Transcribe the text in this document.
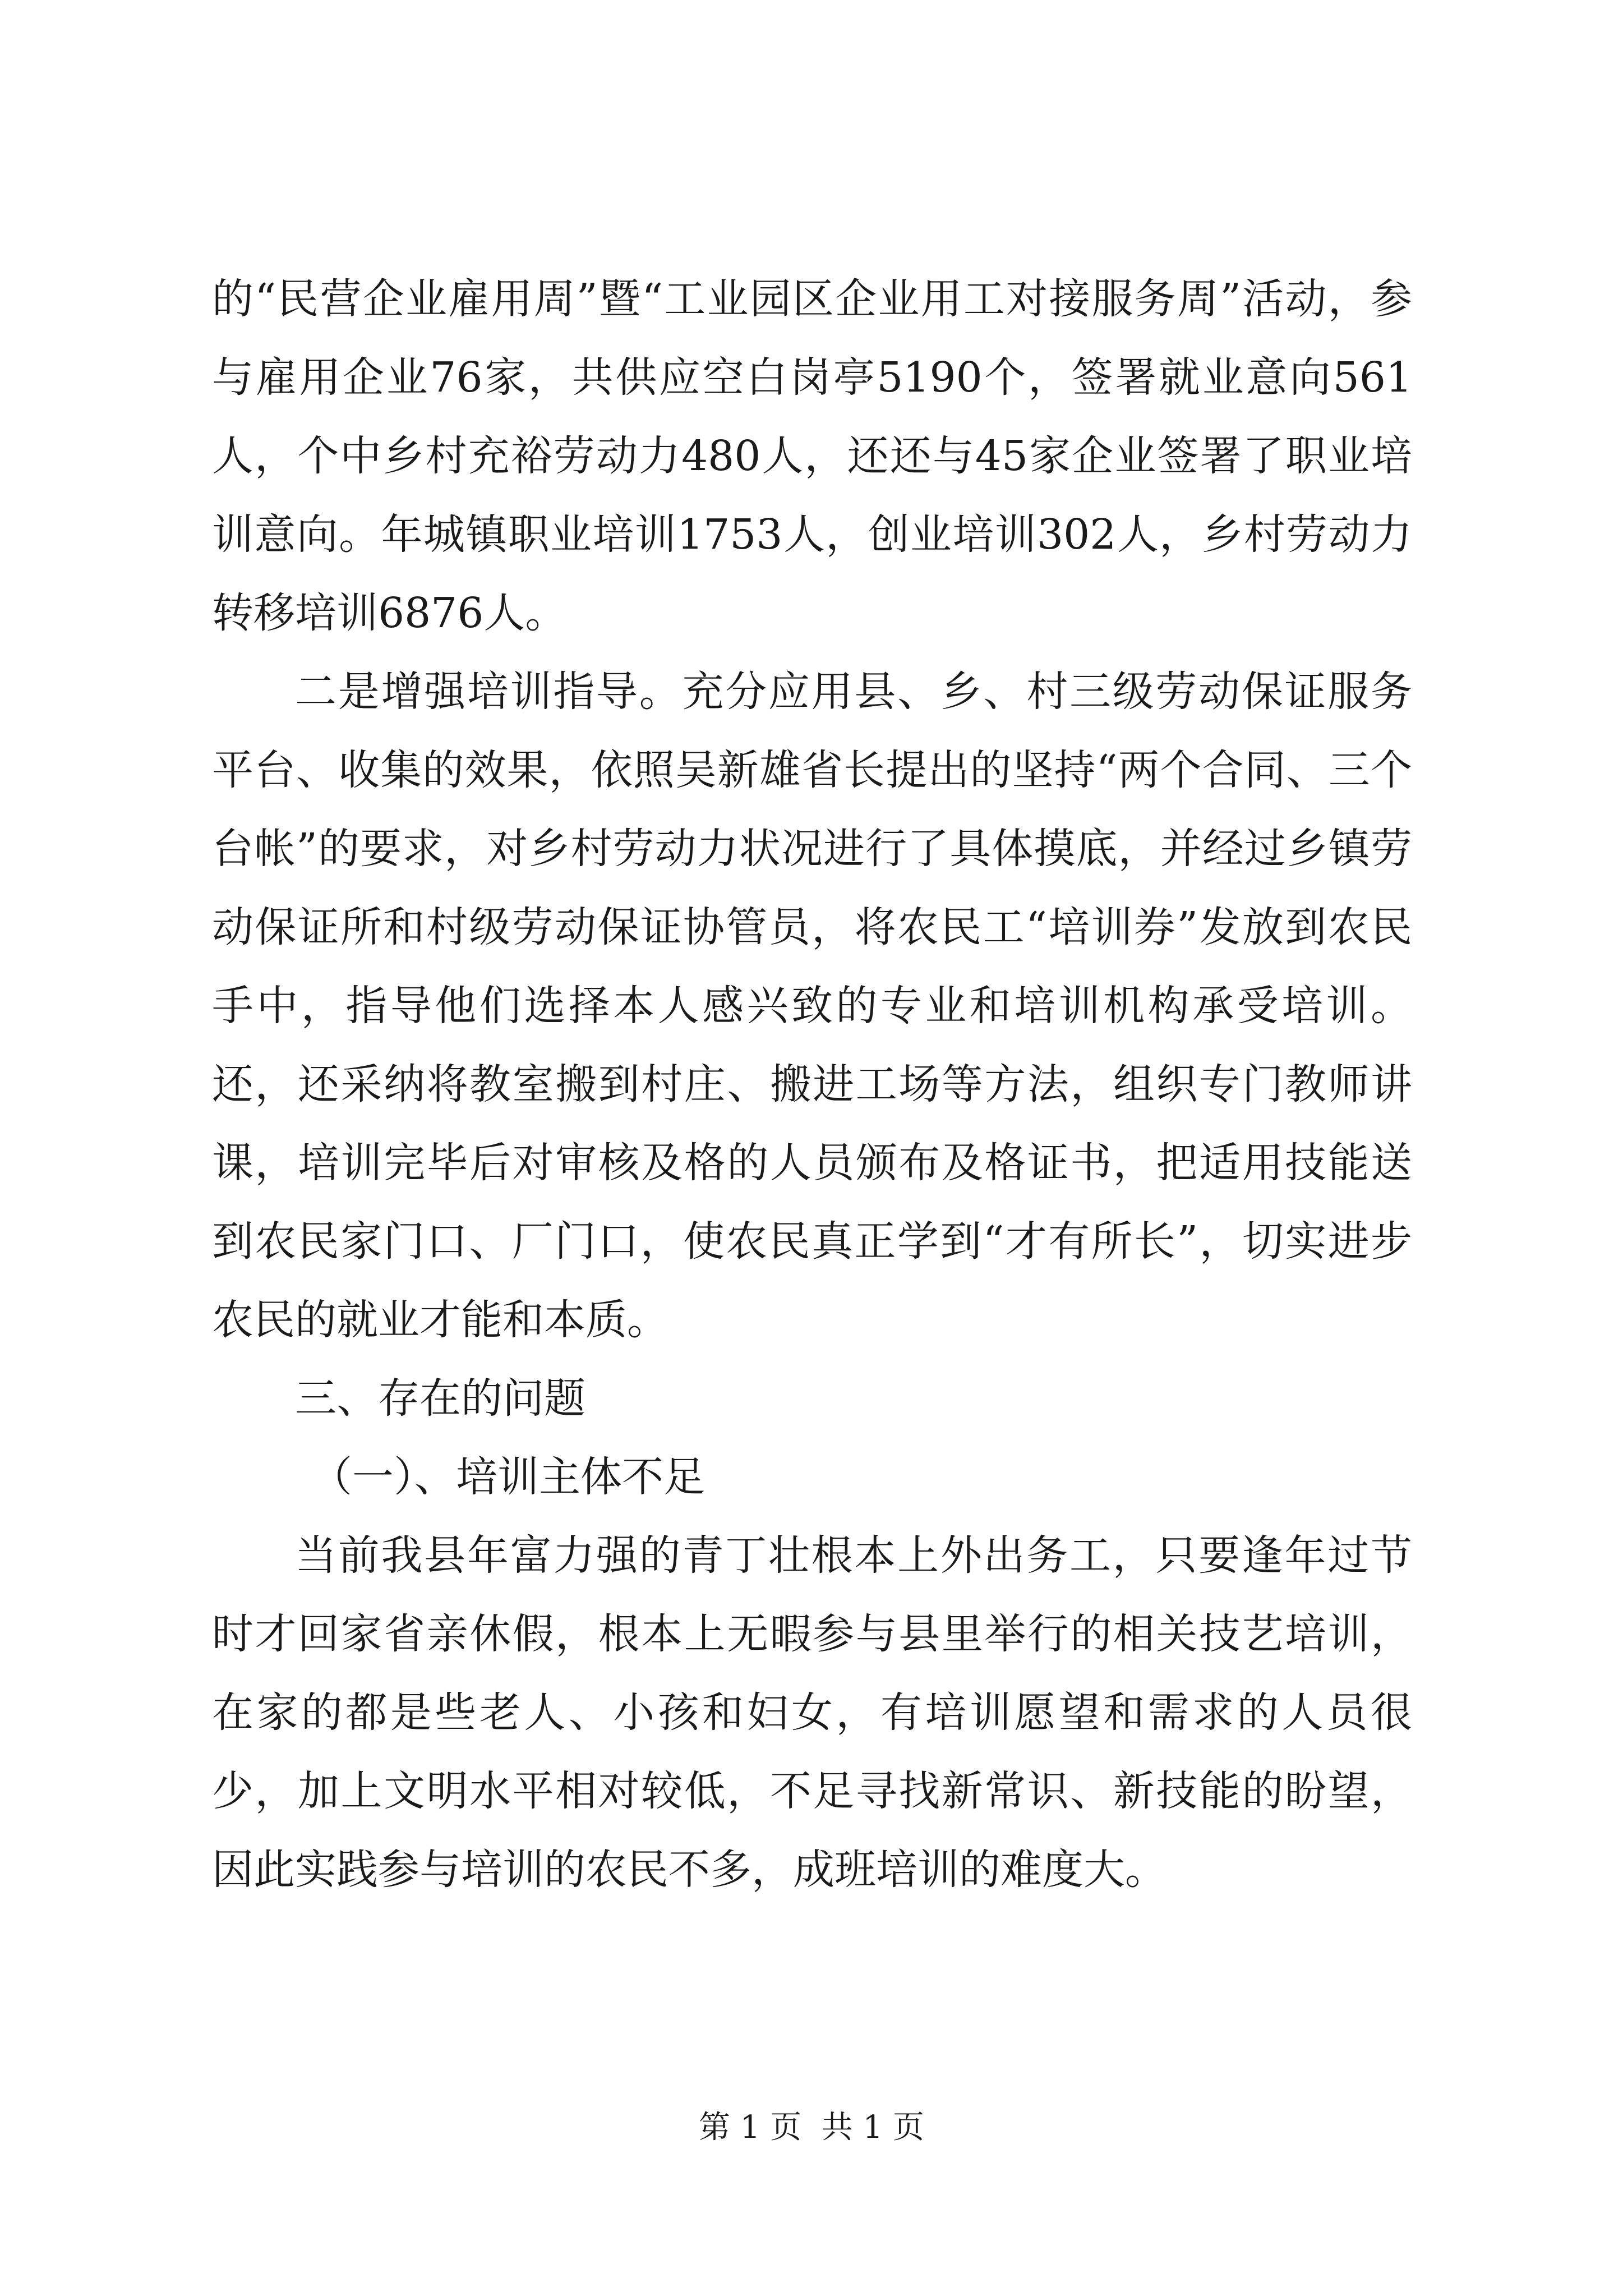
的“民营企业雇用周”暨“工业园区企业用工对接服务周”活动，参与雇用企业76家，共供应空白岗亭5190个，签署就业意向561人，个中乡村充裕劳动力480人，还还与45家企业签署了职业培训意向。年城镇职业培训1753人，创业培训302人，乡村劳动力转移培训6876人。

二是增强培训指导。充分应用县、乡、村三级劳动保证服务平台、收集的效果，依照吴新雄省长提出的坚持“两个合同、三个台帐”的要求，对乡村劳动力状况进行了具体摸底，并经过乡镇劳动保证所和村级劳动保证协管员，将农民工“培训券”发放到农民手中，指导他们选择本人感兴致的专业和培训机构承受培训。还，还采纳将教室搬到村庄、搬进工场等方法，组织专门教师讲课，培训完毕后对审核及格的人员颁布及格证书，把适用技能送到农民家门口、厂门口，使农民真正学到“才有所长”，切实进步农民的就业才能和本质。

三、存在的问题

（一）、培训主体不足

当前我县年富力强的青丁壮根本上外出务工，只要逢年过节时才回家省亲休假，根本上无暇参与县里举行的相关技艺培训，在家的都是些老人、小孩和妇女，有培训愿望和需求的人员很少，加上文明水平相对较低，不足寻找新常识、新技能的盼望，因此实践参与培训的农民不多，成班培训的难度大。

第 1 页  共 1 页
